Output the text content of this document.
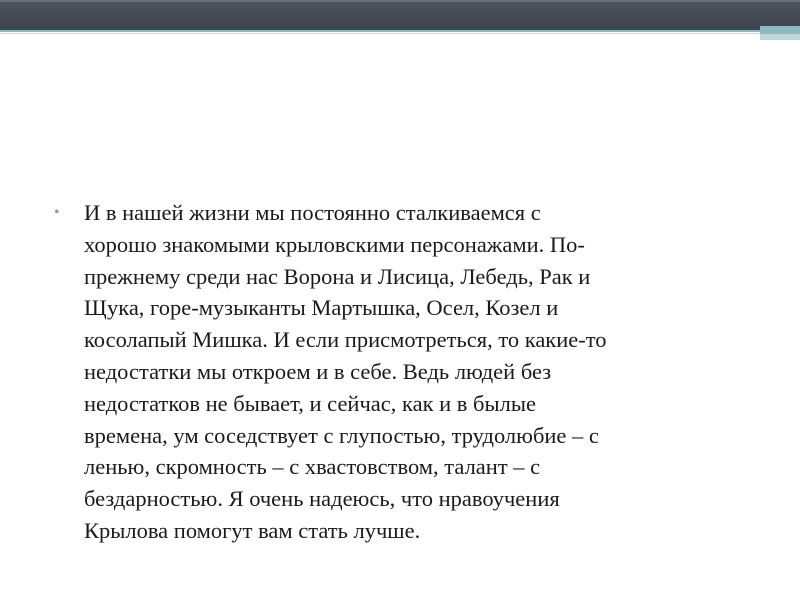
• И в нашей жизни мы постоянно сталкиваемся с
хорошо знакомыми крыловскими персонажами. По-
прежнему среди нас Ворона и Лисица, Лебедь, Рак и
Щука, горе-музыканты Мартышка, Осел, Козел и
косолапый Мишка. И если присмотреться, то какие-то
недостатки мы откроем и в себе. Ведь людей без
недостатков не бывает, и сейчас, как и в былые
времена, ум соседствует с глупостью, трудолюбие – с
ленью, скромность – с хвастовством, талант – с
бездарностью. Я очень надеюсь, что нравоучения
Крылова помогут вам стать лучше.
